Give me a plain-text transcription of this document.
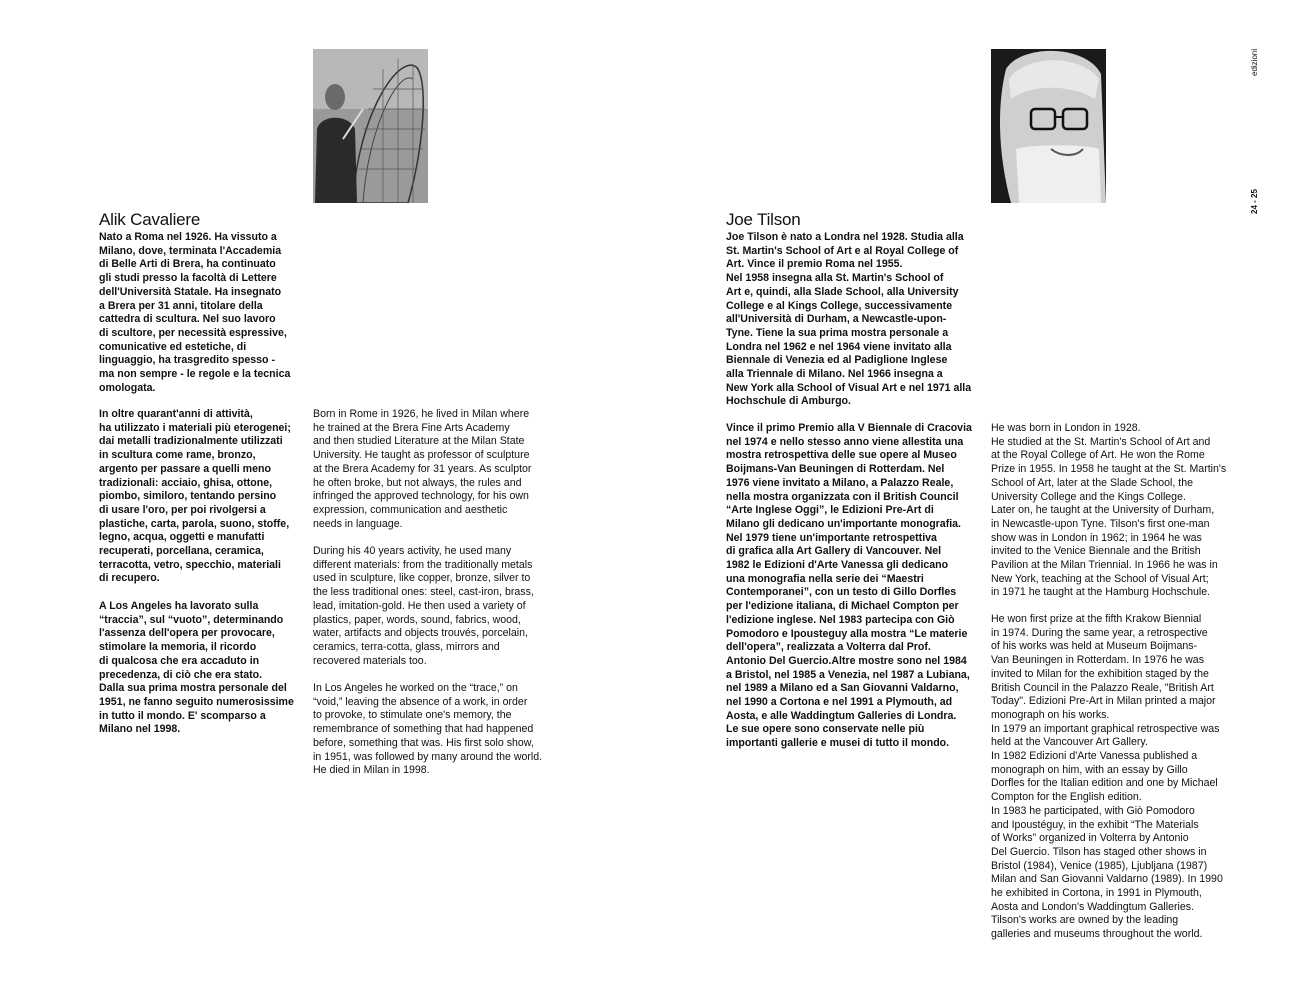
Alik Cavaliere

Nato a Roma nel 1926. Ha vissuto a
Milano, dove, terminata l'Accademia
di Belle Arti di Brera, ha continuato
gli studi presso la facoltà di Lettere
dell'Università Statale. Ha insegnato
a Brera per 31 anni, titolare della
cattedra di scultura. Nel suo lavoro
di scultore, per necessità espressive,
comunicative ed estetiche, di
linguaggio, ha trasgredito spesso -
ma non sempre - le regole e la tecnica
omologata.

In oltre quarant'anni di attività,
ha utilizzato i materiali più eterogenei;
dai metalli tradizionalmente utilizzati
in scultura come rame, bronzo,
argento per passare a quelli meno
tradizionali: acciaio, ghisa, ottone,
piombo, similoro, tentando persino
di usare l'oro, per poi rivolgersi a
plastiche, carta, parola, suono, stoffe,
legno, acqua, oggetti e manufatti
recuperati, porcellana, ceramica,
terracotta, vetro, specchio, materiali
di recupero.

A Los Angeles ha lavorato sulla
“traccia”, sul “vuoto”, determinando
l'assenza dell'opera per provocare,
stimolare la memoria, il ricordo
di qualcosa che era accaduto in
precedenza, di ciò che era stato.
Dalla sua prima mostra personale del
1951, ne fanno seguito numerosissime
in tutto il mondo. E' scomparso a
Milano nel 1998.

Born in Rome in 1926, he lived in Milan where
he trained at the Brera Fine Arts Academy
and then studied Literature at the Milan State
University. He taught as professor of sculpture
at the Brera Academy for 31 years. As sculptor
he often broke, but not always, the rules and
infringed the approved technology, for his own
expression, communication and aesthetic
needs in language.

During his 40 years activity, he used many
different materials: from the traditionally metals
used in sculpture, like copper, bronze, silver to
the less traditional ones: steel, cast-iron, brass,
lead, imitation-gold. He then used a variety of
plastics, paper, words, sound, fabrics, wood,
water, artifacts and objects trouvés, porcelain,
ceramics, terra-cotta, glass, mirrors and
recovered materials too.

In Los Angeles he worked on the “trace,” on
“void,” leaving the absence of a work, in order
to provoke, to stimulate one's memory, the
remembrance of something that had happened
before, something that was. His first solo show,
in 1951, was followed by many around the world.
He died in Milan in 1998.

Joe Tilson

Joe Tilson è nato a Londra nel 1928. Studia alla
St. Martin's School of Art e al Royal College of
Art. Vince il premio Roma nel 1955.
Nel 1958 insegna alla St. Martin's School of
Art e, quindi, alla Slade School, alla University
College e al Kings College, successivamente
all'Università di Durham, a Newcastle-upon-
Tyne. Tiene la sua prima mostra personale a
Londra nel 1962 e nel 1964 viene invitato alla
Biennale di Venezia ed al Padiglione Inglese
alla Triennale di Milano. Nel 1966 insegna a
New York alla School of Visual Art e nel 1971 alla
Hochschule di Amburgo.

Vince il primo Premio alla V Biennale di Cracovia
nel 1974 e nello stesso anno viene allestita una
mostra retrospettiva delle sue opere al Museo
Boijmans-Van Beuningen di Rotterdam. Nel
1976 viene invitato a Milano, a Palazzo Reale,
nella mostra organizzata con il British Council
“Arte Inglese Oggi”, le Edizioni Pre-Art di
Milano gli dedicano un'importante monografia.
Nel 1979 tiene un'importante retrospettiva
di grafica alla Art Gallery di Vancouver. Nel
1982 le Edizioni d'Arte Vanessa gli dedicano
una monografia nella serie dei “Maestri
Contemporanei”, con un testo di Gillo Dorfles
per l'edizione italiana, di Michael Compton per
l'edizione inglese. Nel 1983 partecipa con Giò
Pomodoro e Ipousteguy alla mostra “Le materie
dell'opera”, realizzata a Volterra dal Prof.
Antonio Del Guercio.Altre mostre sono nel 1984
a Bristol, nel 1985 a Venezia, nel 1987 a Lubiana,
nel 1989 a Milano ed a San Giovanni Valdarno,
nel 1990 a Cortona e nel 1991 a Plymouth, ad
Aosta, e alle Waddingtum Galleries di Londra.
Le sue opere sono conservate nelle più
importanti gallerie e musei di tutto il mondo.

He was born in London in 1928.
He studied at the St. Martin's School of Art and
at the Royal College of Art. He won the Rome
Prize in 1955. In 1958 he taught at the St. Martin's
School of Art, later at the Slade School, the
University College and the Kings College.
Later on, he taught at the University of Durham,
in Newcastle-upon Tyne. Tilson's first one-man
show was in London in 1962; in 1964 he was
invited to the Venice Biennale and the British
Pavilion at the Milan Triennial. In 1966 he was in
New York, teaching at the School of Visual Art;
in 1971 he taught at the Hamburg Hochschule.

He won first prize at the fifth Krakow Biennial
in 1974. During the same year, a retrospective
of his works was held at Museum Boijmans-
Van Beuningen in Rotterdam. In 1976 he was
invited to Milan for the exhibition staged by the
British Council in the Palazzo Reale, "British Art
Today". Edizioni Pre-Art in Milan printed a major
monograph on his works.
In 1979 an important graphical retrospective was
held at the Vancouver Art Gallery.
In 1982 Edizioni d'Arte Vanessa published a
monograph on him, with an essay by Gillo
Dorfles for the Italian edition and one by Michael
Compton for the English edition.
In 1983 he participated, with Giò Pomodoro
and Ipoustéguy, in the exhibit “The Materials
of Works” organized in Volterra by Antonio
Del Guercio. Tilson has staged other shows in
Bristol (1984), Venice (1985), Ljubljana (1987)
Milan and San Giovanni Valdarno (1989). In 1990
he exhibited in Cortona, in 1991 in Plymouth,
Aosta and London's Waddingtum Galleries.
Tilson's works are owned by the leading
galleries and museums throughout the world.

edizioni
24 - 25
